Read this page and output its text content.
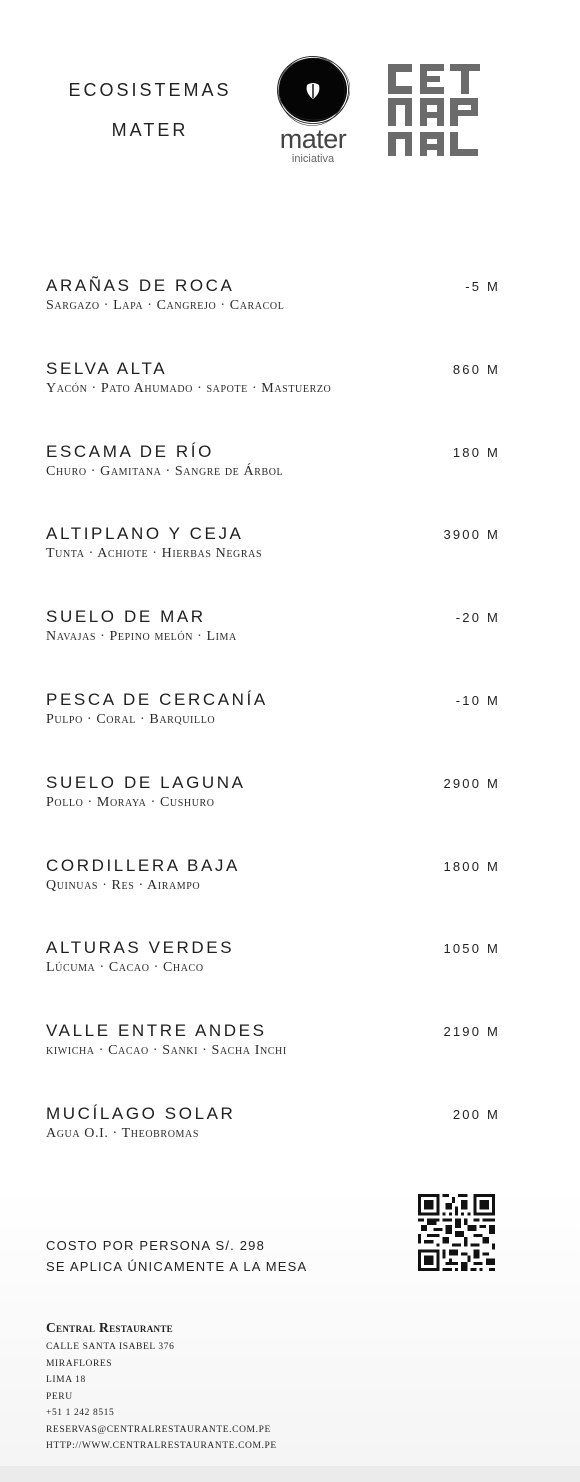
ECOSISTEMAS
MATER	mater
iniciativa
ARAÑAS DE ROCA	-5 M
Sargazo · Lapa · Cangrejo · Caracol
SELVA ALTA	860 M
Yacón · Pato Ahumado · sapote · Mastuerzo
ESCAMA DE RÍO	180 M
Churo · Gamitana · Sangre de Árbol
ALTIPLANO Y CEJA	3900 M
Tunta · Achiote · Hierbas Negras
SUELO DE MAR	-20 M
Navajas · Pepino melón · Lima
PESCA DE CERCANÍA	-10 M
Pulpo · Coral · Barquillo
SUELO DE LAGUNA	2900 M
Pollo · Moraya · Cushuro
CORDILLERA BAJA	1800 M
Quinuas · Res · Airampo
ALTURAS VERDES	1050 M
Lúcuma · Cacao · Chaco
VALLE ENTRE ANDES	2190 M
kiwicha · Cacao · Sanki · Sacha Inchi
MUCÍLAGO SOLAR	200 M
Agua O.I. · Theobromas
COSTO POR PERSONA S/. 298
SE APLICA ÚNICAMENTE A LA MESA
Central Restaurante
CALLE SANTA ISABEL 376
MIRAFLORES
LIMA 18
PERU
+51 1 242 8515
RESERVAS@CENTRALRESTAURANTE.COM.PE
HTTP://WWW.CENTRALRESTAURANTE.COM.PE
